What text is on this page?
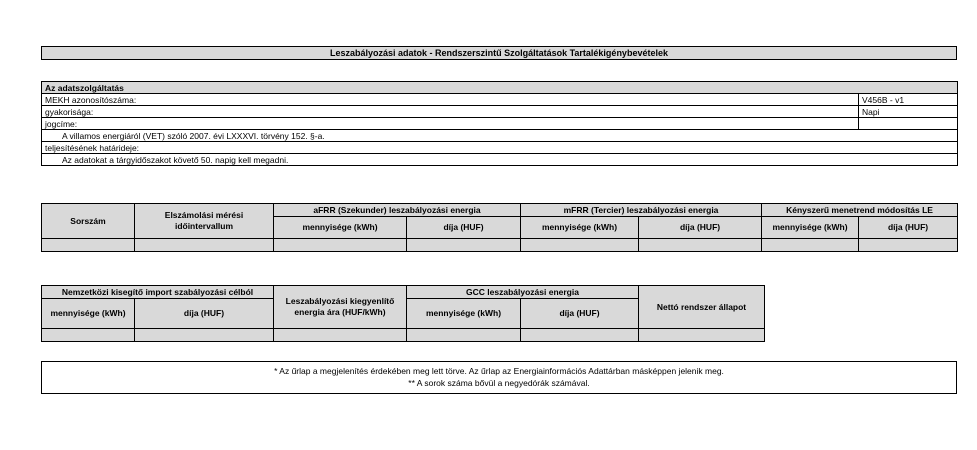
Leszabályozási adatok - Rendszerszintű Szolgáltatások Tartalékigénybevételek
Az adatszolgáltatás	
MEKH azonosítószáma:	V456B - v1
gyakorisága:	Napi
jogcíme:	
A villamos energiáról (VET) szóló 2007. évi LXXXVI. törvény 152. §-a.	
teljesítésének határideje:	
Az adatokat a tárgyidőszakot követő 50. napig kell megadni.	
Sorszám	Elszámolási mérési időintervallum	aFRR (Szekunder) leszabályozási energia		mFRR (Tercier) leszabályozási energia		Kényszerű menetrend módosítás LE	
		mennyisége (kWh)	díja (HUF)	mennyisége (kWh)	díja (HUF)	mennyisége (kWh)	díja (HUF)

Nemzetközi kisegítő import szabályozási célból		Leszabályozási kiegyenlítő energia ára (HUF/kWh)	GCC leszabályozási energia		Nettó rendszer állapot
mennyisége (kWh)	díja (HUF)		mennyisége (kWh)	díja (HUF)	

* Az űrlap a megjelenítés érdekében meg lett törve. Az űrlap az Energiainformációs Adattárban másképpen jelenik meg.
** A sorok száma bővül a negyedórák számával.
